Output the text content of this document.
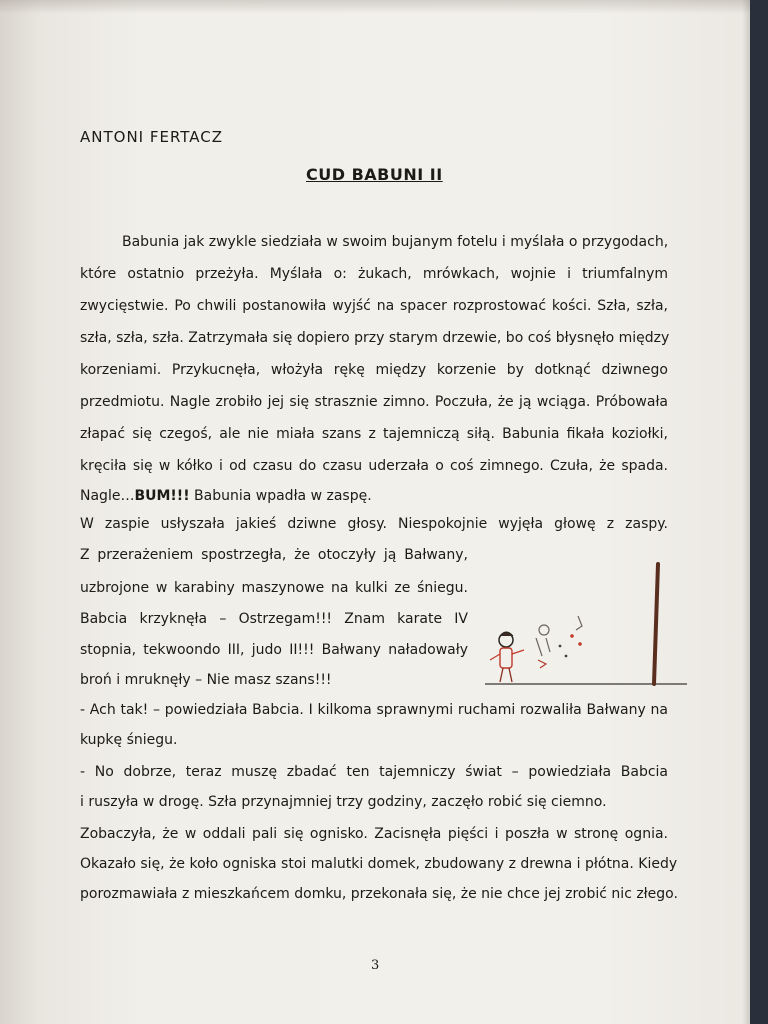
ANTONI FERTACZ
CUD BABUNI II
Babunia jak zwykle siedziała w swoim bujanym fotelu i myślała o przygodach,
które ostatnio przeżyła. Myślała o: żukach, mrówkach, wojnie i triumfalnym
zwycięstwie. Po chwili postanowiła wyjść na spacer rozprostować kości. Szła, szła,
szła, szła, szła. Zatrzymała się dopiero przy starym drzewie, bo coś błysnęło między
korzeniami. Przykucnęła, włożyła rękę między korzenie by dotknąć dziwnego
przedmiotu. Nagle zrobiło jej się strasznie zimno. Poczuła, że ją wciąga. Próbowała
złapać się czegoś, ale nie miała szans z tajemniczą siłą. Babunia fikała koziołki,
kręciła się w kółko i od czasu do czasu uderzała o coś zimnego. Czuła, że spada.
Nagle…BUM!!! Babunia wpadła w zaspę.
W zaspie usłyszała jakieś dziwne głosy. Niespokojnie wyjęła głowę z zaspy.
Z przerażeniem spostrzegła, że otoczyły ją Bałwany,
uzbrojone w karabiny maszynowe na kulki ze śniegu.
Babcia krzyknęła – Ostrzegam!!! Znam karate IV
stopnia, tekwoondo III, judo II!!! Bałwany naładowały
broń i mruknęły – Nie masz szans!!!
- Ach tak! – powiedziała Babcia. I kilkoma sprawnymi ruchami rozwaliła Bałwany na
kupkę śniegu.
- No dobrze, teraz muszę zbadać ten tajemniczy świat – powiedziała Babcia
i ruszyła w drogę. Szła przynajmniej trzy godziny, zaczęło robić się ciemno.
Zobaczyła, że w oddali pali się ognisko. Zacisnęła pięści i poszła w stronę ognia.
Okazało się, że koło ogniska stoi malutki domek, zbudowany z drewna i płótna. Kiedy
porozmawiała z mieszkańcem domku, przekonała się, że nie chce jej zrobić nic złego.
3
